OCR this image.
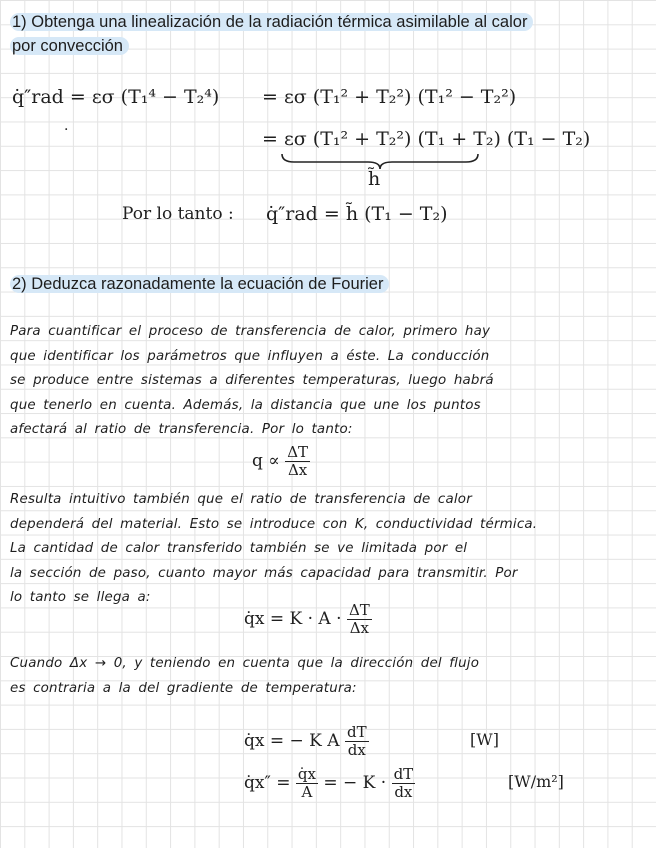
1) Obtenga una linealización de la radiación térmica asimilable al calor
por convección
q̇″rad = εσ (T₁⁴ − T₂⁴) = εσ (T₁² + T₂²) (T₁² − T₂²)
·	= εσ (T₁² + T₂²) (T₁ + T₂) (T₁ − T₂)
h̃
Por lo tanto : q̇″rad = h̃ (T₁ − T₂)
2) Deduzca razonadamente la ecuación de Fourier
Para cuantificar el proceso de transferencia de calor, primero hay
que identificar los parámetros que influyen a éste. La conducción
se produce entre sistemas a diferentes temperaturas, luego habrá
que tenerlo en cuenta. Además, la distancia que une los puntos
afectará al ratio de transferencia. Por lo tanto:
$q \propto \frac{\Delta T}{\Delta x}$
Resulta intuitivo también que el ratio de transferencia de calor
dependerá del material. Esto se introduce con K, conductividad térmica.
La cantidad de calor transferido también se ve limitada por el
la sección de paso, cuanto mayor más capacidad para transmitir. Por
lo tanto se llega a:
q̇x = $K \cdot A \cdot \frac{\Delta T}{\Delta x}$
Cuando Δx → 0, y teniendo en cuenta que la dirección del flujo
es contraria a la del gradiente de temperatura:
q̇x = − K A $\frac{dT}{dx}$	[W]
q̇x″ = $\frac{q̇x}{A}$ = − $K \cdot \frac{dT}{dx}$	[W/m²]
